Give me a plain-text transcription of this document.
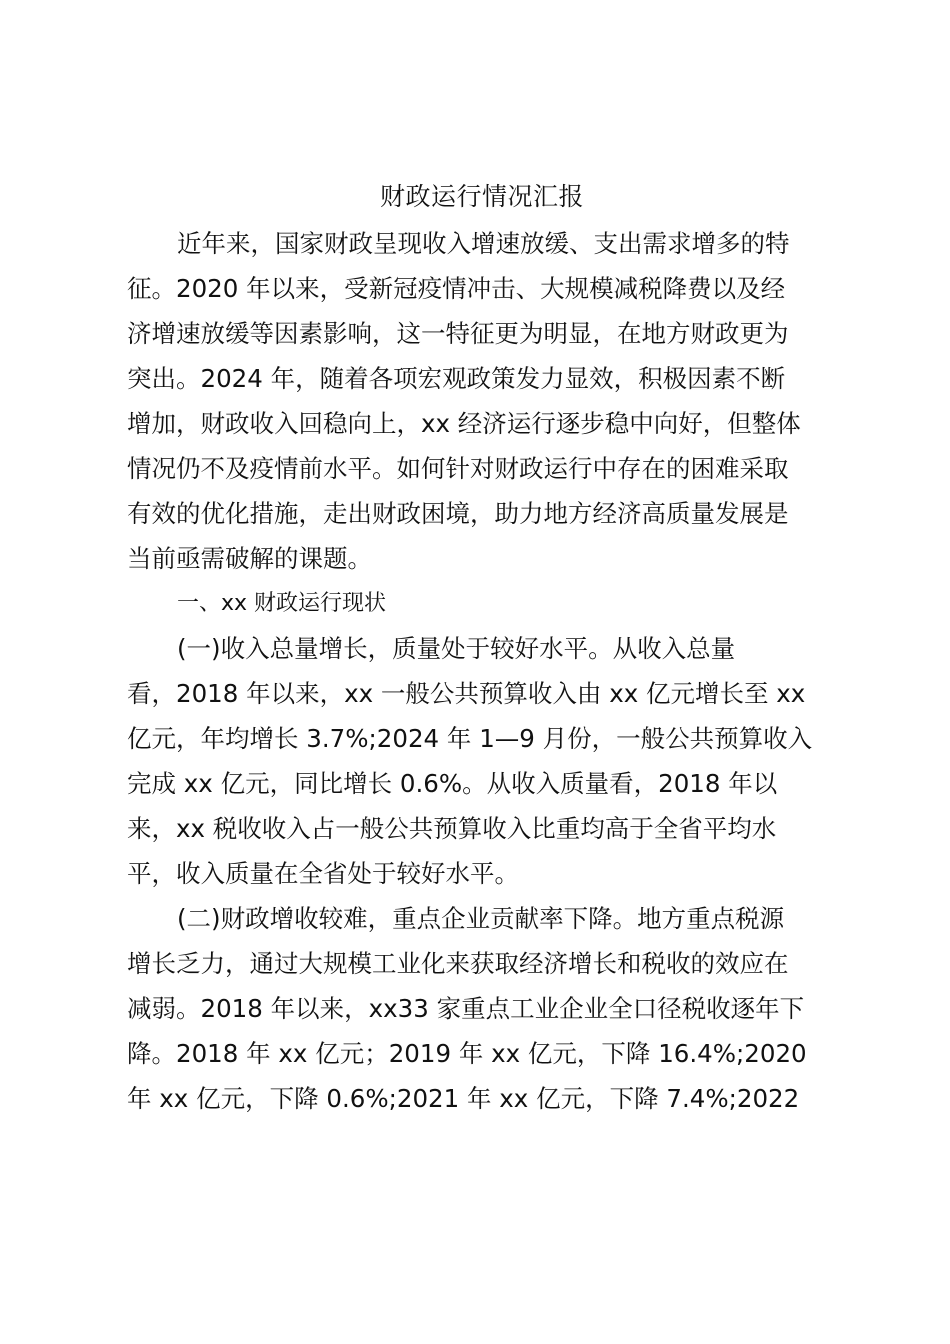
财政运行情况汇报
近年来，国家财政呈现收入增速放缓、支出需求增多的特
征。2020 年以来，受新冠疫情冲击、大规模减税降费以及经
济增速放缓等因素影响，这一特征更为明显，在地方财政更为
突出。2024 年，随着各项宏观政策发力显效，积极因素不断
增加，财政收入回稳向上，xx 经济运行逐步稳中向好，但整体
情况仍不及疫情前水平。如何针对财政运行中存在的困难采取
有效的优化措施，走出财政困境，助力地方经济高质量发展是
当前亟需破解的课题。
一、xx 财政运行现状
(一)收入总量增长，质量处于较好水平。从收入总量
看，2018 年以来，xx 一般公共预算收入由 xx 亿元增长至 xx
亿元，年均增长 3.7%;2024 年 1—9 月份，一般公共预算收入
完成 xx 亿元，同比增长 0.6%。从收入质量看，2018 年以
来，xx 税收收入占一般公共预算收入比重均高于全省平均水
平，收入质量在全省处于较好水平。
(二)财政增收较难，重点企业贡献率下降。地方重点税源
增长乏力，通过大规模工业化来获取经济增长和税收的效应在
减弱。2018 年以来，xx33 家重点工业企业全口径税收逐年下
降。2018 年 xx 亿元；2019 年 xx 亿元，下降 16.4%;2020
年 xx 亿元，下降 0.6%;2021 年 xx 亿元，下降 7.4%;2022
